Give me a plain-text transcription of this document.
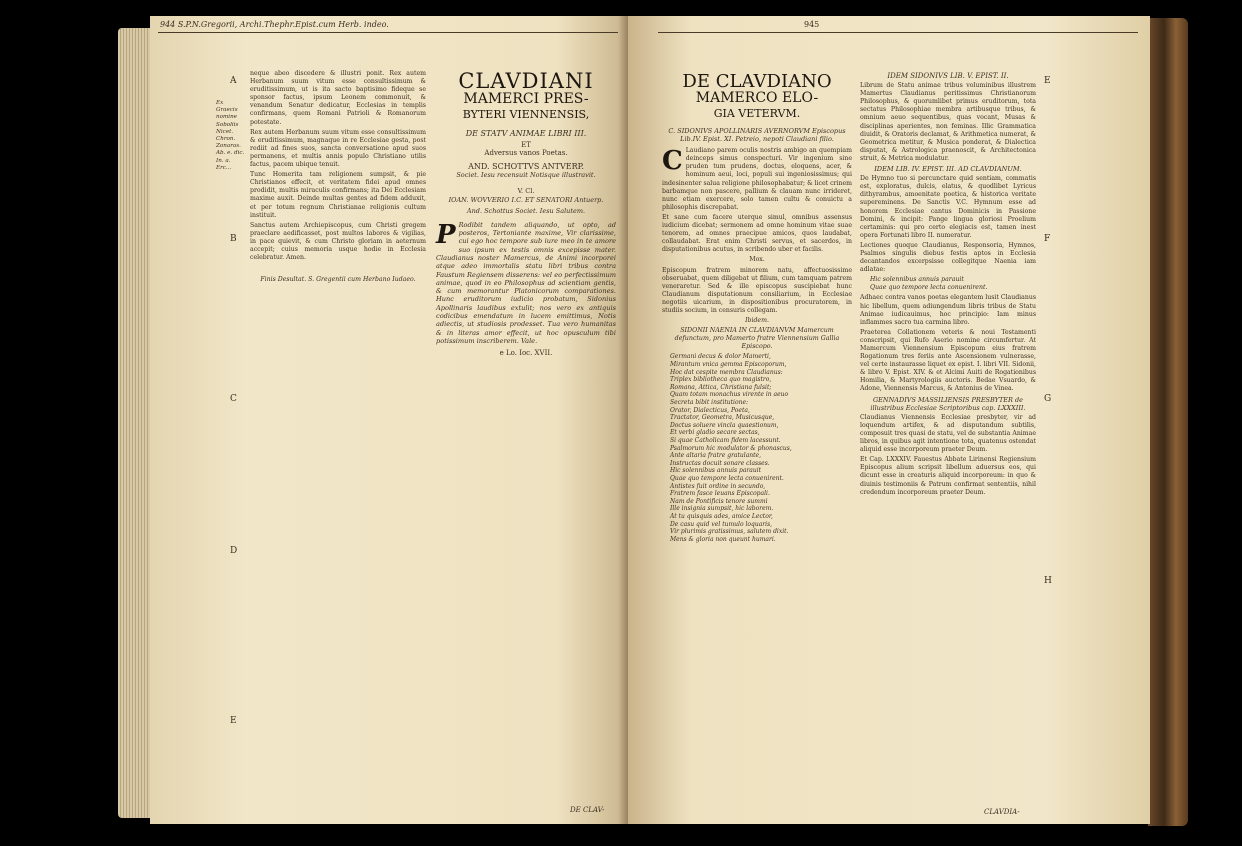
944 S.P.N.Gregorii, Archi.Thephr.Epist.cum Herb. indeo.
A
B
C
D
E
Ex Graecis nomine Soboliis Nicet. Chron. Zonaras. Ab. e. dic. In. a. Erc...

neque abeo discedere & illustri ponit. Rex autem Herbanum suum vitum esse consultissimum & eruditissimum, ut is ita sacto baptisimo fideque se sponsor factus, ipsum Leonem commonuit, & venandum Senatur dedicatur, Ecclesias in templis confirmans, quem Romani Patrioli & Romanorum potestate.

Rex autem Herbanum suum vitum esse consultissimum & eruditissimum, magnaque in re Ecclesiae gesta, post rediit ad fines suos, sancta conversatione apud suos permanens, et multis annis populo Christiano utilis factus, pacem ubique tenuit.

Tunc Homerita tam religionem sumpsit, & pie Christianos effecit, et veritatem fidei apud omnes prodidit, multis miraculis confirmans; ita Dei Ecclesiam maxime auxit. Deinde multas gentes ad fidem adduxit, et per totum regnum Christianae religionis cultum instituit.

Sanctus autem Archiepiscopus, cum Christi gregem praeclare aedificasset, post multos labores & vigilias, in pace quievit, & cum Christo gloriam in aeternum accepit; cuius memoria usque hodie in Ecclesia celebratur. Amen.

Finis Desultat. S. Gregentii cum Herbano Iudaeo.

CLAVDIANI
MAMERCI PRES-
BYTERI VIENNENSIS,
DE STATV ANIMAE LIBRI III.
ET
Adversus vanos Poetas.
AND. SCHOTTVS ANTVERP.
Societ. Iesu recensuit Notisque illustravit.
V. Cl.
IOAN. WOVVERIO I.C. ET SENATORI Antuerp.
And. Schottus Societ. Iesu Salutem.
P Rodibit tandem aliquando, ut opto, ad posteros, Tertoniante maxime, Vir clarissime, cui ego hoc tempore sub iure meo in te amore suo ipsum ex testis omnis excepisse mater. Claudianus noster Mamercus, de Animi incorporei atque adeo immortalis statu libri tribus contra Faustum Regiensem disserens: vel eo perfectissimum animae, quod in eo Philosophus ad scientiam gentis, & cum memorantur Platonicorum comparationes. Hunc eruditorum iudicio probatum, Sidonius Apollinaris laudibus extulit; nos vero ex antiquis codicibus emendatum in lucem emittimus, Notis adiectis, ut studiosis prodesset. Tua vero humanitas & in literas amor effecit, ut hoc opusculum tibi potissimum inscriberem. Vale.
e Lo. Ioc. XVII.
DE CLAV-
945
E
F
G
H
DE CLAVDIANO
MAMERCO ELO-
GIA VETERVM.
C. SIDONIVS APOLLINARIS AVERNORVM Episcopus Lib.IV. Epist. XI. Petreio, nepoti Claudiani filio.

C Laudiano parem oculis nostris ambigo an quempiam deinceps simus conspecturi. Vir ingenium sine pruden tum prudens, doctus, eloquens, acer, & hominum aeui, loci, populi sui ingeniosissimus; qui indesinenter salua religione philosophabatur; & licet crinem barbamque non pascere, pallium & clauam nunc irrideret, nunc etiam exercere, solo tamen cultu & conuictu a philosophis discrepabat.

Et sane cum facere uterque simul, omnibus assensus iudicium dicebat; sermonem ad omne hominum vitae suae tenorem, ad omnes praecipue amicos, quos laudabat, collaudabat. Erat enim Christi servus, et sacerdos, in disputationibus acutus, in scribendo uber et facilis.

Mox.

Episcopum fratrem minorem natu, affectuosissime obseruabat, quem diligebat ut filium, cum tamquam patrem veneraretur. Sed & ille episcopus suscipiebat hunc Claudianum disputationum consiliarium, in Ecclesiae negotiis uicarium, in dispositionibus procuratorem, in studiis socium, in censuris collegam.

Ibidem.

SIDONII NAENIA IN CLAVDIANVM Mamercum defunctum, pro Mamerto fratre Viennensium Gallia Episcopo.

Germani decus & dolor Mamerti,
Mirantum vnica gemma Episcoporum,
Hoc dat cespite membra Claudianus:
Triplex bibliotheca quo magistro,
Romana, Attica, Christiana fulsit;
Quam totam monachus virente in aeuo
Secreta bibit institutione:
Orator, Dialecticus, Poeta,
Tractator, Geometra, Musicusque,
Doctus soluere vincla quaestionum,
Et verbi gladio secare sectas,
Si quae Catholicam fidem lacessunt.
Psalmorum hic modulator & phonascus,
Ante altaria fratre gratulante,
Instructas docuit sonare classes.
Hic solennibus annuis parauit
Quae quo tempore lecta conuenirent.
Antistes fuit ordine in secundo,
Fratrem fasce leuans Episcopali.
Nam de Pontificis tenore summi
Ille insignia sumpsit, hic laborem.
At tu quisquis ades, amice Lector,
De casu quid vel tumulo loquaris,
Vir plurimis gratissimus, salutem dixit.
Mens & gloria non queunt humari.

IDEM SIDONIVS LIB. V. EPIST. II.

Librum de Statu animae tribus voluminibus illustrem Mamertus Claudianus peritissimus Christianorum Philosophus, & quorumlibet primus eruditorum, tota sectatus Philosophiae membra artibusque tribus, & omnium aeuo sequentibus, quas vocant, Musas & disciplinas aperientes, non feminas. Illic Grammatica diuidit, & Oratoris declamat, & Arithmetica numerat, & Geometrica metitur, & Musica ponderat, & Dialectica disputat, & Astrologica praenoscit, & Architectonica struit, & Metrica modulatur.

IDEM LIB. IV. EPIST. III. AD CLAVDIANUM.

De Hymno tuo si percunctare quid sentiam, commatis est, exploratus, dulcis, elatus, & quodlibet Lyricus dithyrambus, amoenitate poetica, & historica veritate supereminens. De Sanctis V.C. Hymnum esse ad honorem Ecclesiae cantus Dominicis in Passione Domini, & incipit: Pange lingua gloriosi Proelium certaminis: qui pro certo elegiacis est, tamen inest opera Fortunati libro II. numeratur.

Lectiones quoque Claudianus, Responsoria, Hymnos, Psalmos singulis diebus festis aptos in Ecclesia decantandos excerpsisse collegitque Naenia iam adlatae:

Hic solennibus annuis parauit

Quae quo tempore lecta conuenirent.

Adhaec contra vanos poetas elegantem lusit Claudianus hic libellum, quem adiungendum libris tribus de Statu Animae iudicauimus, hoc principio: Iam minus inflammes sacro tua carmina libro.

Praeterea Collationem veteris & noui Testamenti conscripsit, qui Rufo Aserio nomine circumfertur. At Mamercum Viennensium Episcopum eius fratrem Rogationum tres feriis ante Ascensionem vulnerasse, vel certe instaurasse liquet ex epist. I. libri VII. Sidonii, & libro V. Epist. XIV. & et Alcimi Auiti de Rogationibus Homilia, & Martyrologiis auctoris. Bedae Vsuardo, & Adone, Viennensis Marcus, & Antonius de Vinea.

GENNADIVS MASSILIENSIS PRESBYTER de illustribus Ecclesiae Scriptoribus cap. LXXXIII.

Claudianus Viennensis Ecclesiae presbyter, vir ad loquendum artifex, & ad disputandum subtilis, composuit tres quasi de statu, vel de substantia Animae libros, in quibus agit intentione tota, quatenus ostendat aliquid esse incorporeum praeter Deum.

Et Cap. LXXXIV. Fauestus Abbate Lirinensi Regiensium Episcopus alium scripsit libellum aduersus eos, qui dicunt esse in creaturis aliquid incorporeum: in quo & diuinis testimoniis & Patrum confirmat sententiis, nihil credendum incorporeum praeter Deum.

CLAVDIA-
